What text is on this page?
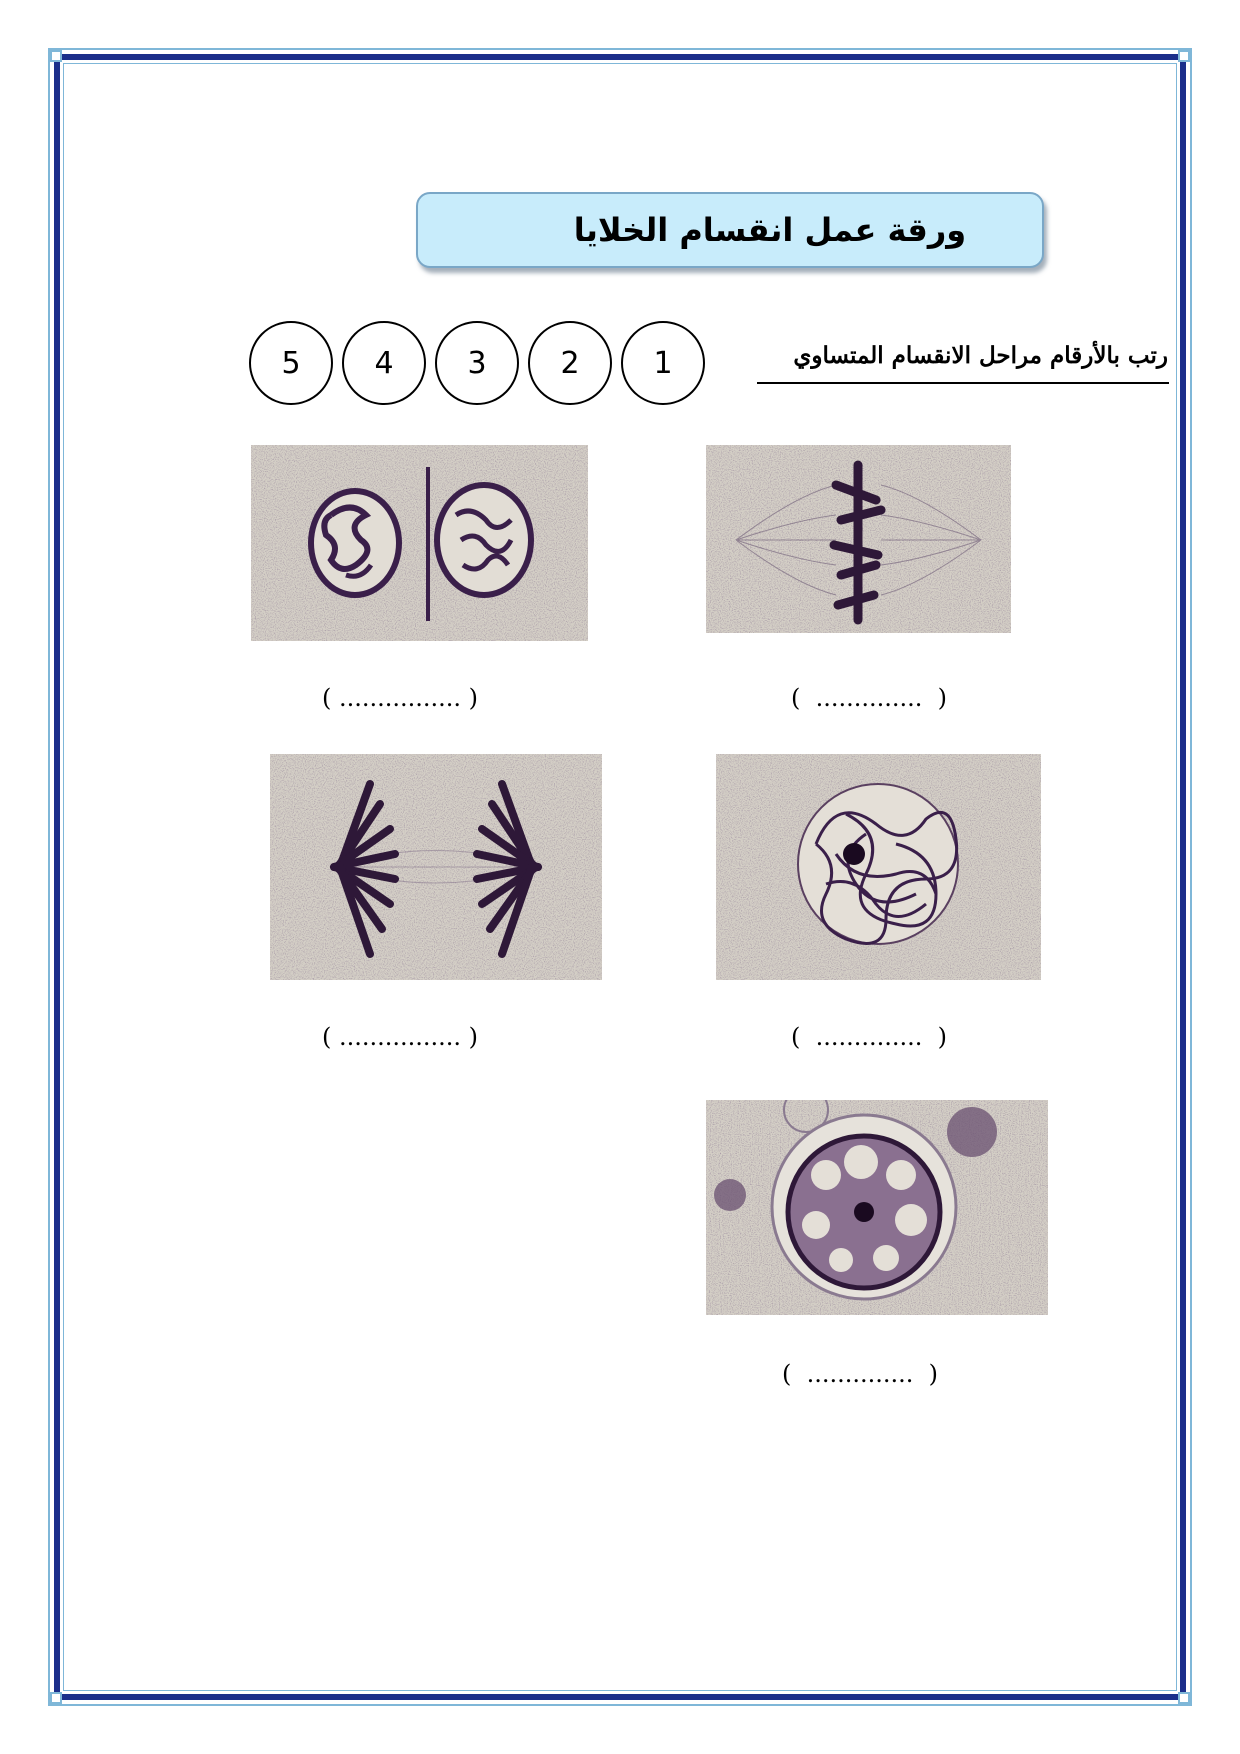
ورقة عمل انقسام الخلايا
رتب بالأرقام مراحل الانقسام المتساوي
5	4	3	2	1
( ................ )	(  ..............  )
( ................ )	(  ..............  )
(  ..............  )
